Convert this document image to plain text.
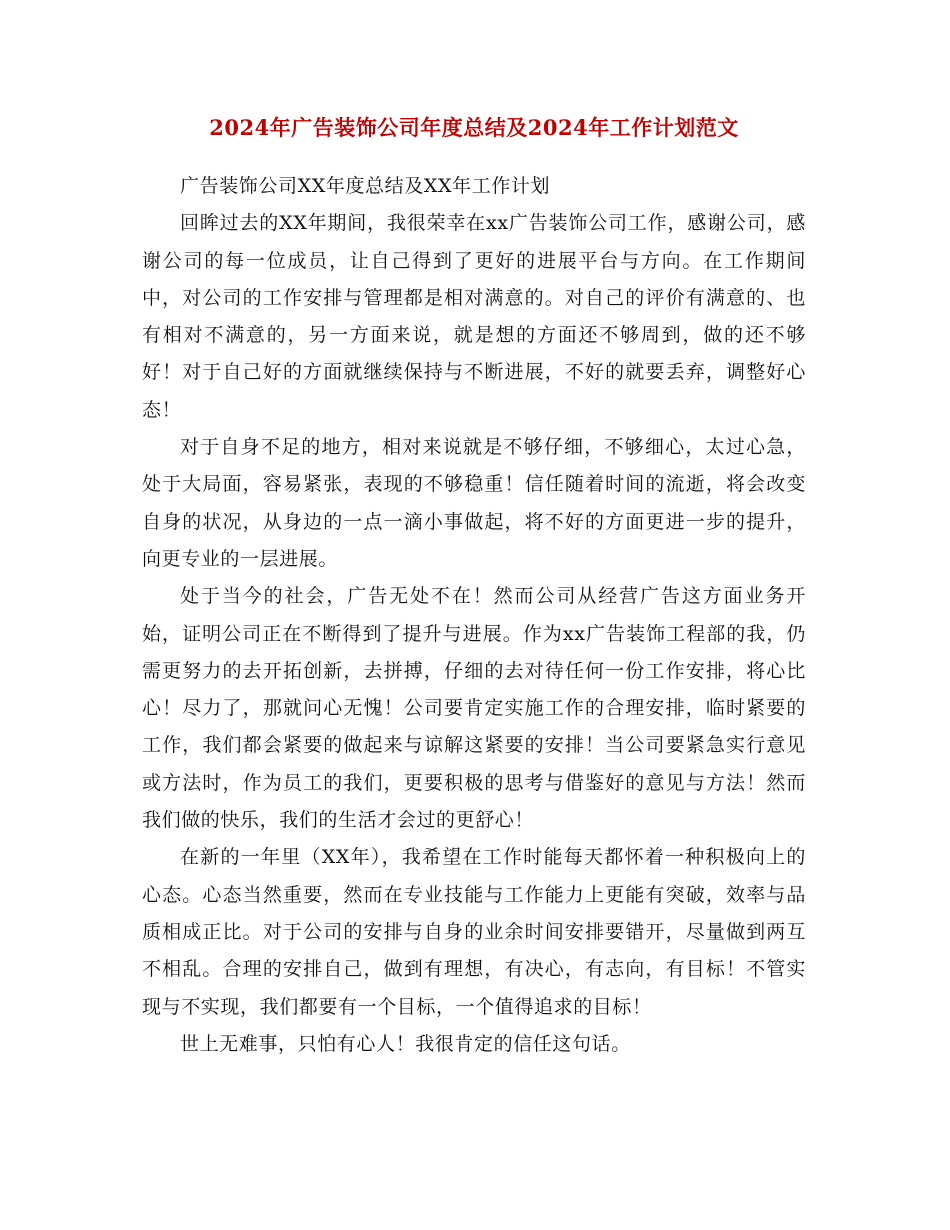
2024年广告装饰公司年度总结及2024年工作计划范文

广告装饰公司XX年度总结及XX年工作计划

回眸过去的XX年期间，我很荣幸在xx广告装饰公司工作，感谢公司，感谢公司的每一位成员，让自己得到了更好的进展平台与方向。在工作期间中，对公司的工作安排与管理都是相对满意的。对自己的评价有满意的、也有相对不满意的，另一方面来说，就是想的方面还不够周到，做的还不够好！对于自己好的方面就继续保持与不断进展，不好的就要丢弃，调整好心态！

对于自身不足的地方，相对来说就是不够仔细，不够细心，太过心急，处于大局面，容易紧张，表现的不够稳重！信任随着时间的流逝，将会改变自身的状况，从身边的一点一滴小事做起，将不好的方面更进一步的提升，向更专业的一层进展。

处于当今的社会，广告无处不在！然而公司从经营广告这方面业务开始，证明公司正在不断得到了提升与进展。作为xx广告装饰工程部的我，仍需更努力的去开拓创新，去拼搏，仔细的去对待任何一份工作安排，将心比心！尽力了，那就问心无愧！公司要肯定实施工作的合理安排，临时紧要的工作，我们都会紧要的做起来与谅解这紧要的安排！当公司要紧急实行意见或方法时，作为员工的我们，更要积极的思考与借鉴好的意见与方法！然而我们做的快乐，我们的生活才会过的更舒心！

在新的一年里（XX年），我希望在工作时能每天都怀着一种积极向上的心态。心态当然重要，然而在专业技能与工作能力上更能有突破，效率与品质相成正比。对于公司的安排与自身的业余时间安排要错开，尽量做到两互不相乱。合理的安排自己，做到有理想，有决心，有志向，有目标！不管实现与不实现，我们都要有一个目标，一个值得追求的目标！

世上无难事，只怕有心人！我很肯定的信任这句话。
